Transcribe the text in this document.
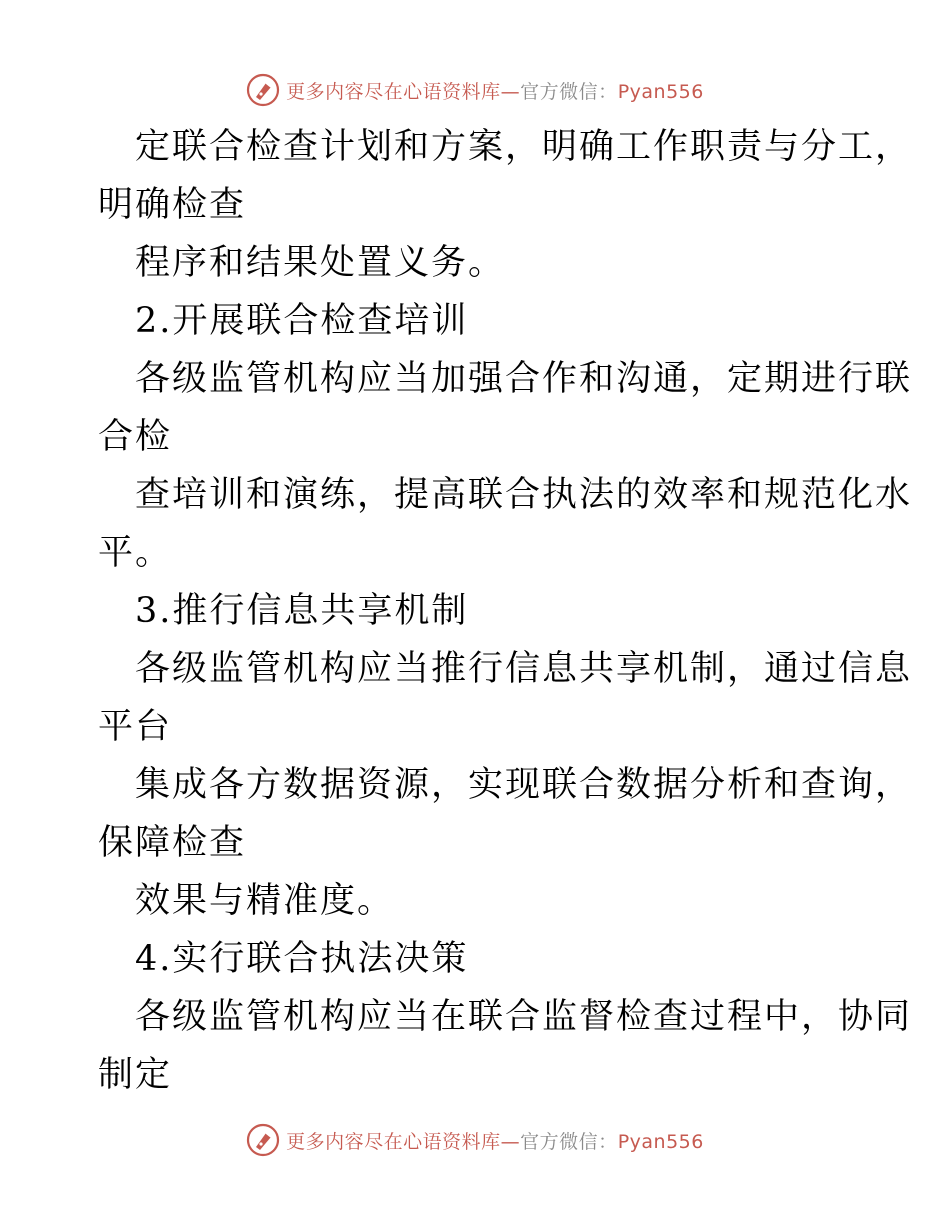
更多内容尽在心语资料库—官方微信：Pyan556
定联合检查计划和方案，明确工作职责与分工，
明确检查
程序和结果处置义务。
2.开展联合检查培训
各级监管机构应当加强合作和沟通，定期进行联
合检
查培训和演练，提高联合执法的效率和规范化水
平。
3.推行信息共享机制
各级监管机构应当推行信息共享机制，通过信息
平台
集成各方数据资源，实现联合数据分析和查询，
保障检查
效果与精准度。
4.实行联合执法决策
各级监管机构应当在联合监督检查过程中，协同
制定
更多内容尽在心语资料库—官方微信：Pyan556
